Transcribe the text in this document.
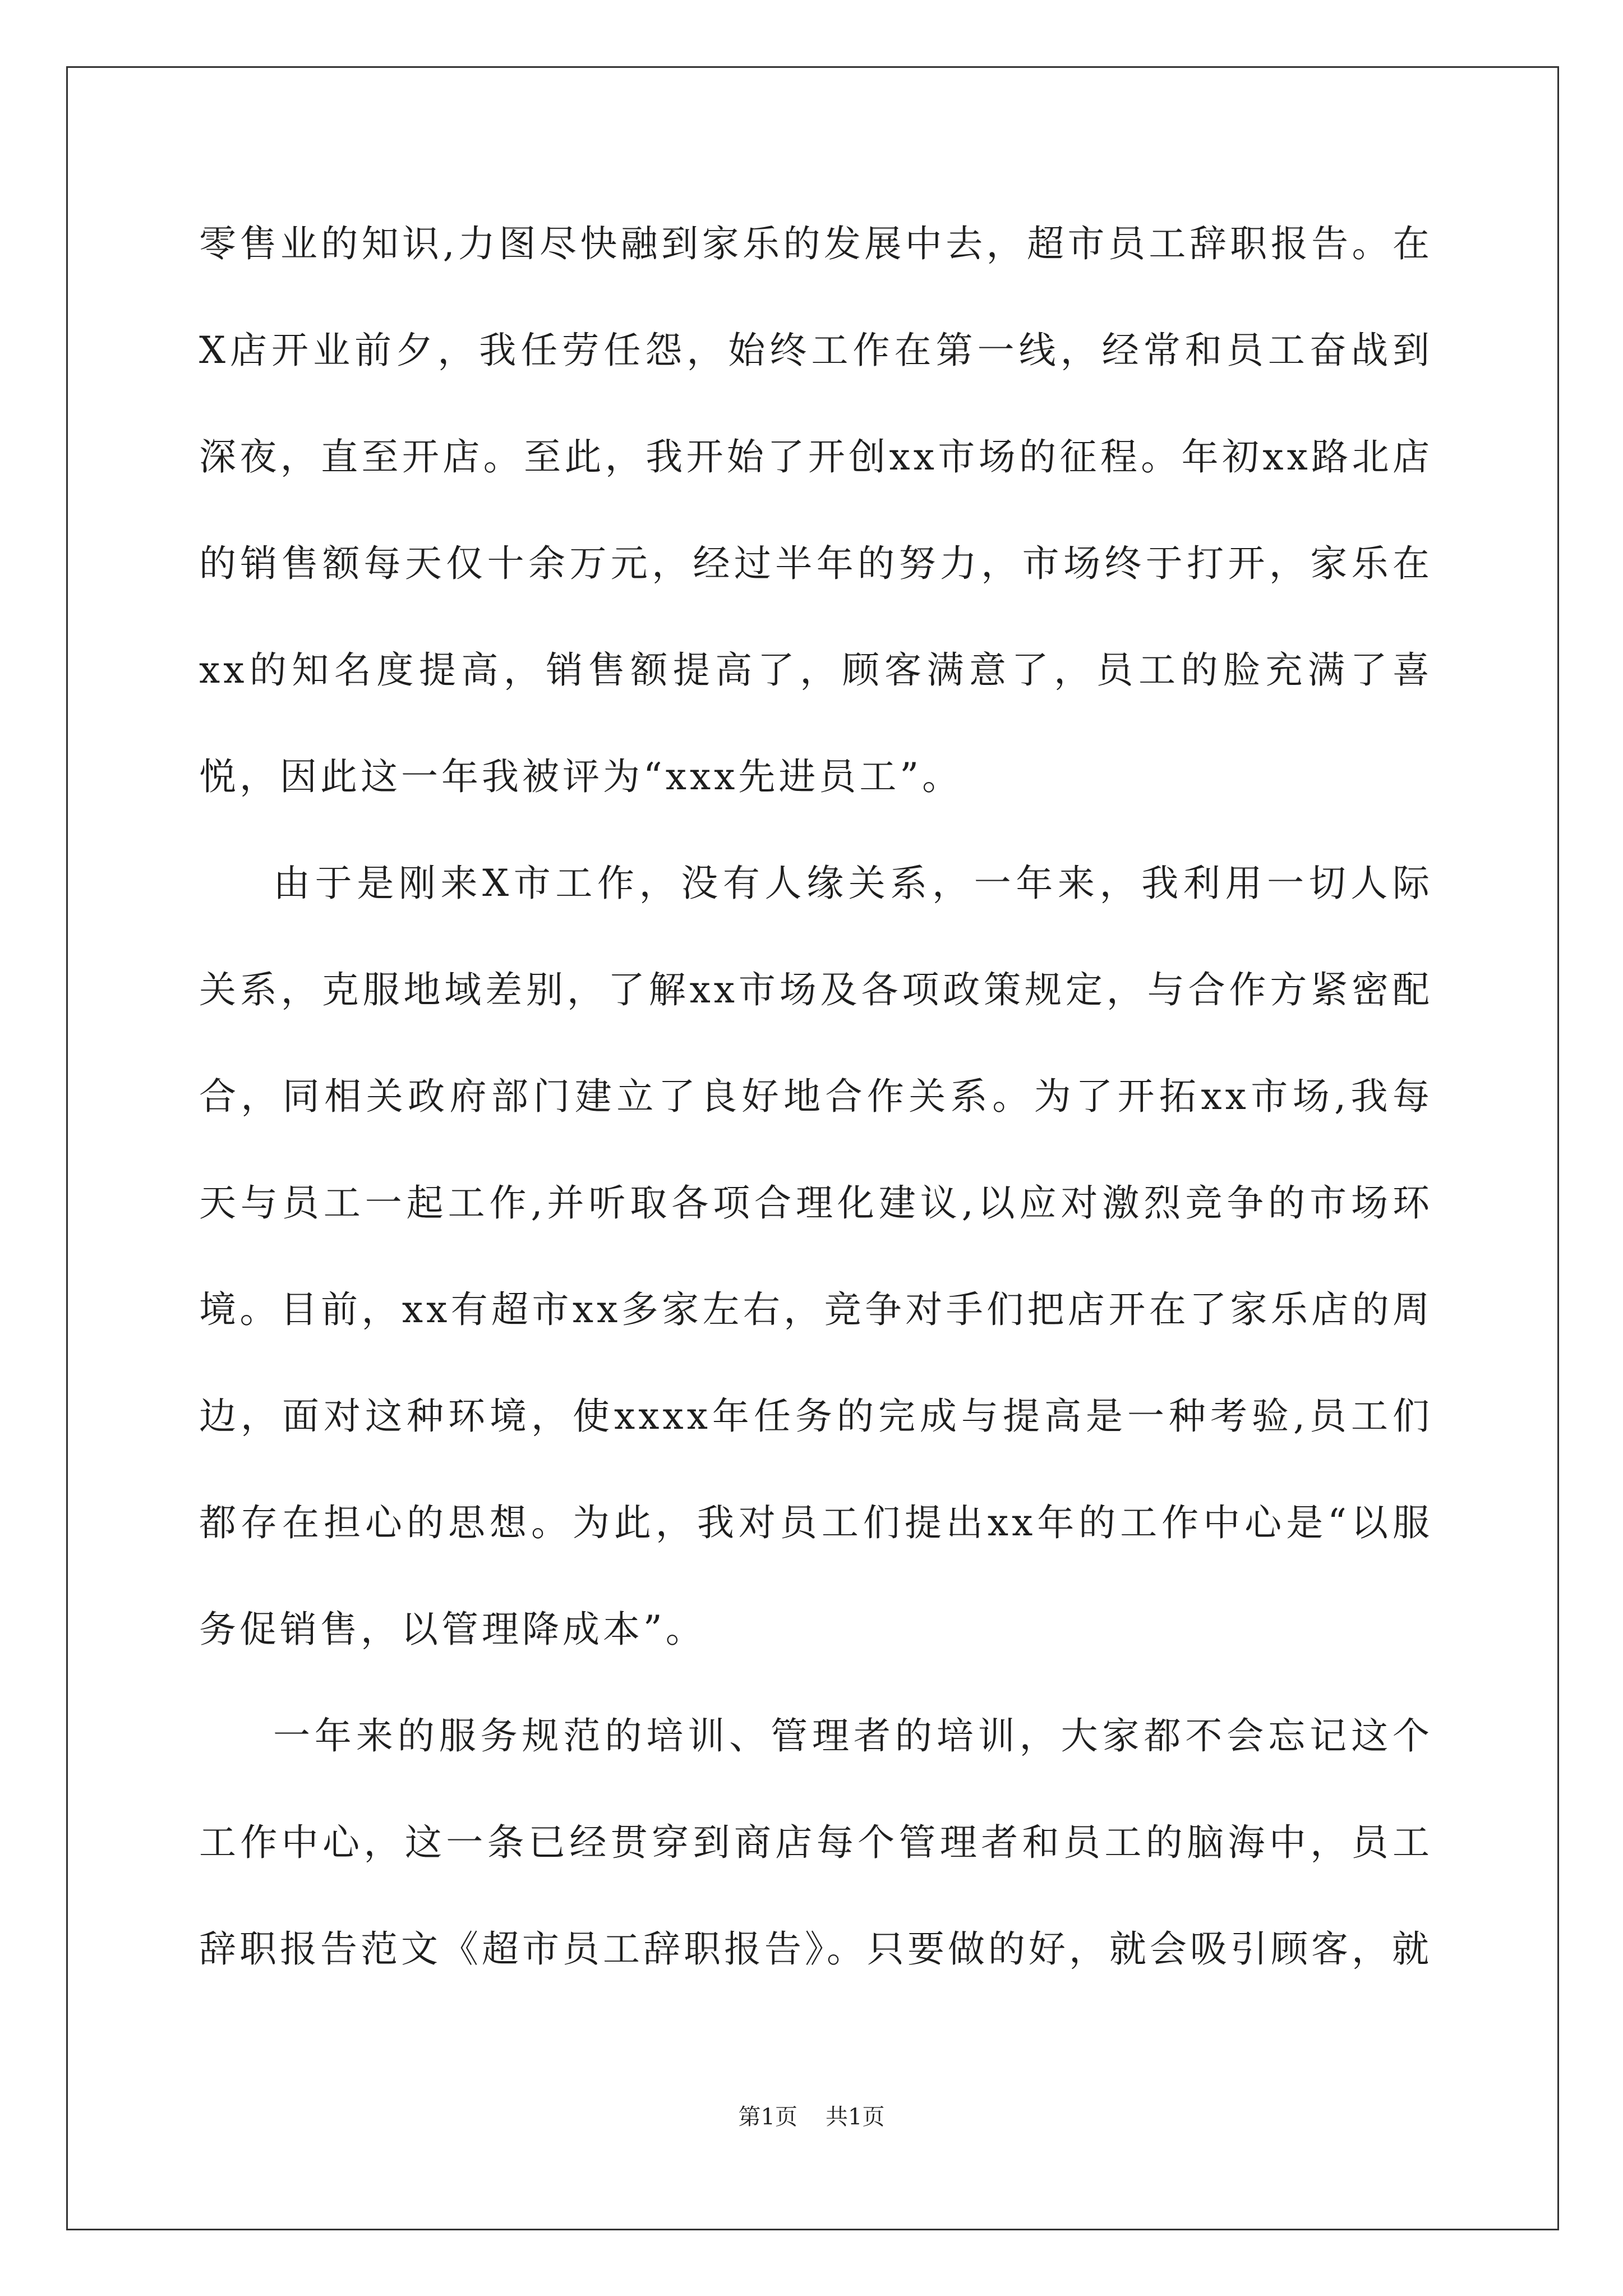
零售业的知识,力图尽快融到家乐的发展中去，超市员工辞职报告。在X店开业前夕，我任劳任怨，始终工作在第一线，经常和员工奋战到深夜，直至开店。至此，我开始了开创xx市场的征程。年初xx路北店的销售额每天仅十余万元，经过半年的努力，市场终于打开，家乐在xx的知名度提高，销售额提高了，顾客满意了，员工的脸充满了喜悦，因此这一年我被评为“xxx先进员工”。

由于是刚来X市工作，没有人缘关系，一年来，我利用一切人际关系，克服地域差别，了解xx市场及各项政策规定，与合作方紧密配合，同相关政府部门建立了良好地合作关系。为了开拓xx市场,我每天与员工一起工作,并听取各项合理化建议,以应对激烈竞争的市场环境。目前，xx有超市xx多家左右，竞争对手们把店开在了家乐店的周边，面对这种环境，使xxxx年任务的完成与提高是一种考验,员工们都存在担心的思想。为此，我对员工们提出xx年的工作中心是“以服务促销售，以管理降成本”。

一年来的服务规范的培训、管理者的培训，大家都不会忘记这个工作中心，这一条已经贯穿到商店每个管理者和员工的脑海中，员工辞职报告范文《超市员工辞职报告》。只要做的好，就会吸引顾客，就

第1页 共1页
